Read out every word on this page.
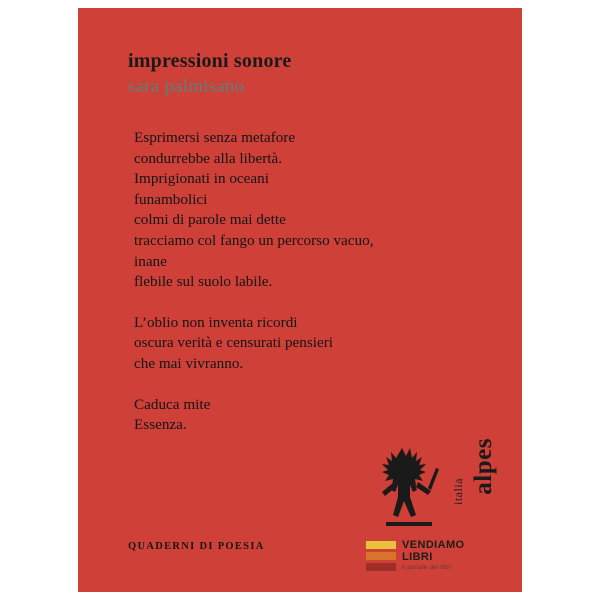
impressioni sonore
sara palmisano
Esprimersi senza metafore
condurrebbe alla libertà.
Imprigionati in oceani
funambolici
colmi di parole mai dette
tracciamo col fango un percorso vacuo,
inane
flebile sul suolo labile.
L’oblio non inventa ricordi
oscura verità e censurati pensieri
che mai vivranno.
Caduca mite
Essenza.
QUADERNI DI POESIA
alpes
italia
VENDIAMO
LIBRI
il portale dei libri
